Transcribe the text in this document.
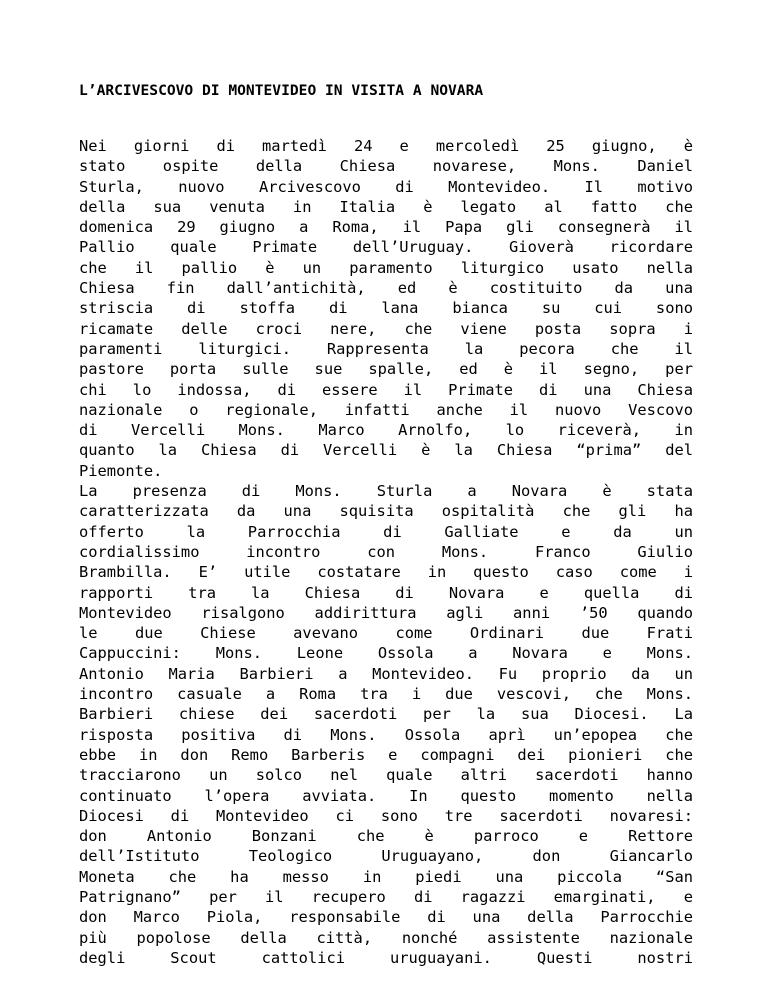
L’ARCIVESCOVO DI MONTEVIDEO IN VISITA A NOVARA
Nei giorni di martedì 24 e mercoledì 25 giugno, è
stato ospite della Chiesa novarese, Mons. Daniel
Sturla, nuovo Arcivescovo di Montevideo. Il motivo
della sua venuta in Italia è legato al fatto che
domenica 29 giugno a Roma, il Papa gli consegnerà il
Pallio quale Primate dell’Uruguay. Gioverà ricordare
che il pallio è un paramento liturgico usato nella
Chiesa fin dall’antichità, ed è costituito da una
striscia di stoffa di lana bianca su cui sono
ricamate delle croci nere, che viene posta sopra i
paramenti liturgici. Rappresenta la pecora che il
pastore porta sulle sue spalle, ed è il segno, per
chi lo indossa, di essere il Primate di una Chiesa
nazionale o regionale, infatti anche il nuovo Vescovo
di Vercelli Mons. Marco Arnolfo, lo riceverà, in
quanto la Chiesa di Vercelli è la Chiesa “prima” del
Piemonte.
La presenza di Mons. Sturla a Novara è stata
caratterizzata da una squisita ospitalità che gli ha
offerto la Parrocchia di Galliate e da un
cordialissimo incontro con Mons. Franco Giulio
Brambilla. E’ utile costatare in questo caso come i
rapporti tra la Chiesa di Novara e quella di
Montevideo risalgono addirittura agli anni ’50 quando
le due Chiese avevano come Ordinari due Frati
Cappuccini: Mons. Leone Ossola a Novara e Mons.
Antonio Maria Barbieri a Montevideo. Fu proprio da un
incontro casuale a Roma tra i due vescovi, che Mons.
Barbieri chiese dei sacerdoti per la sua Diocesi. La
risposta positiva di Mons. Ossola aprì un’epopea che
ebbe in don Remo Barberis e compagni dei pionieri che
tracciarono un solco nel quale altri sacerdoti hanno
continuato l’opera avviata. In questo momento nella
Diocesi di Montevideo ci sono tre sacerdoti novaresi:
don Antonio Bonzani che è parroco e Rettore
dell’Istituto Teologico Uruguayano, don Giancarlo
Moneta che ha messo in piedi una piccola “San
Patrignano” per il recupero di ragazzi emarginati, e
don Marco Piola, responsabile di una della Parrocchie
più popolose della città, nonché assistente nazionale
degli Scout cattolici uruguayani. Questi nostri
